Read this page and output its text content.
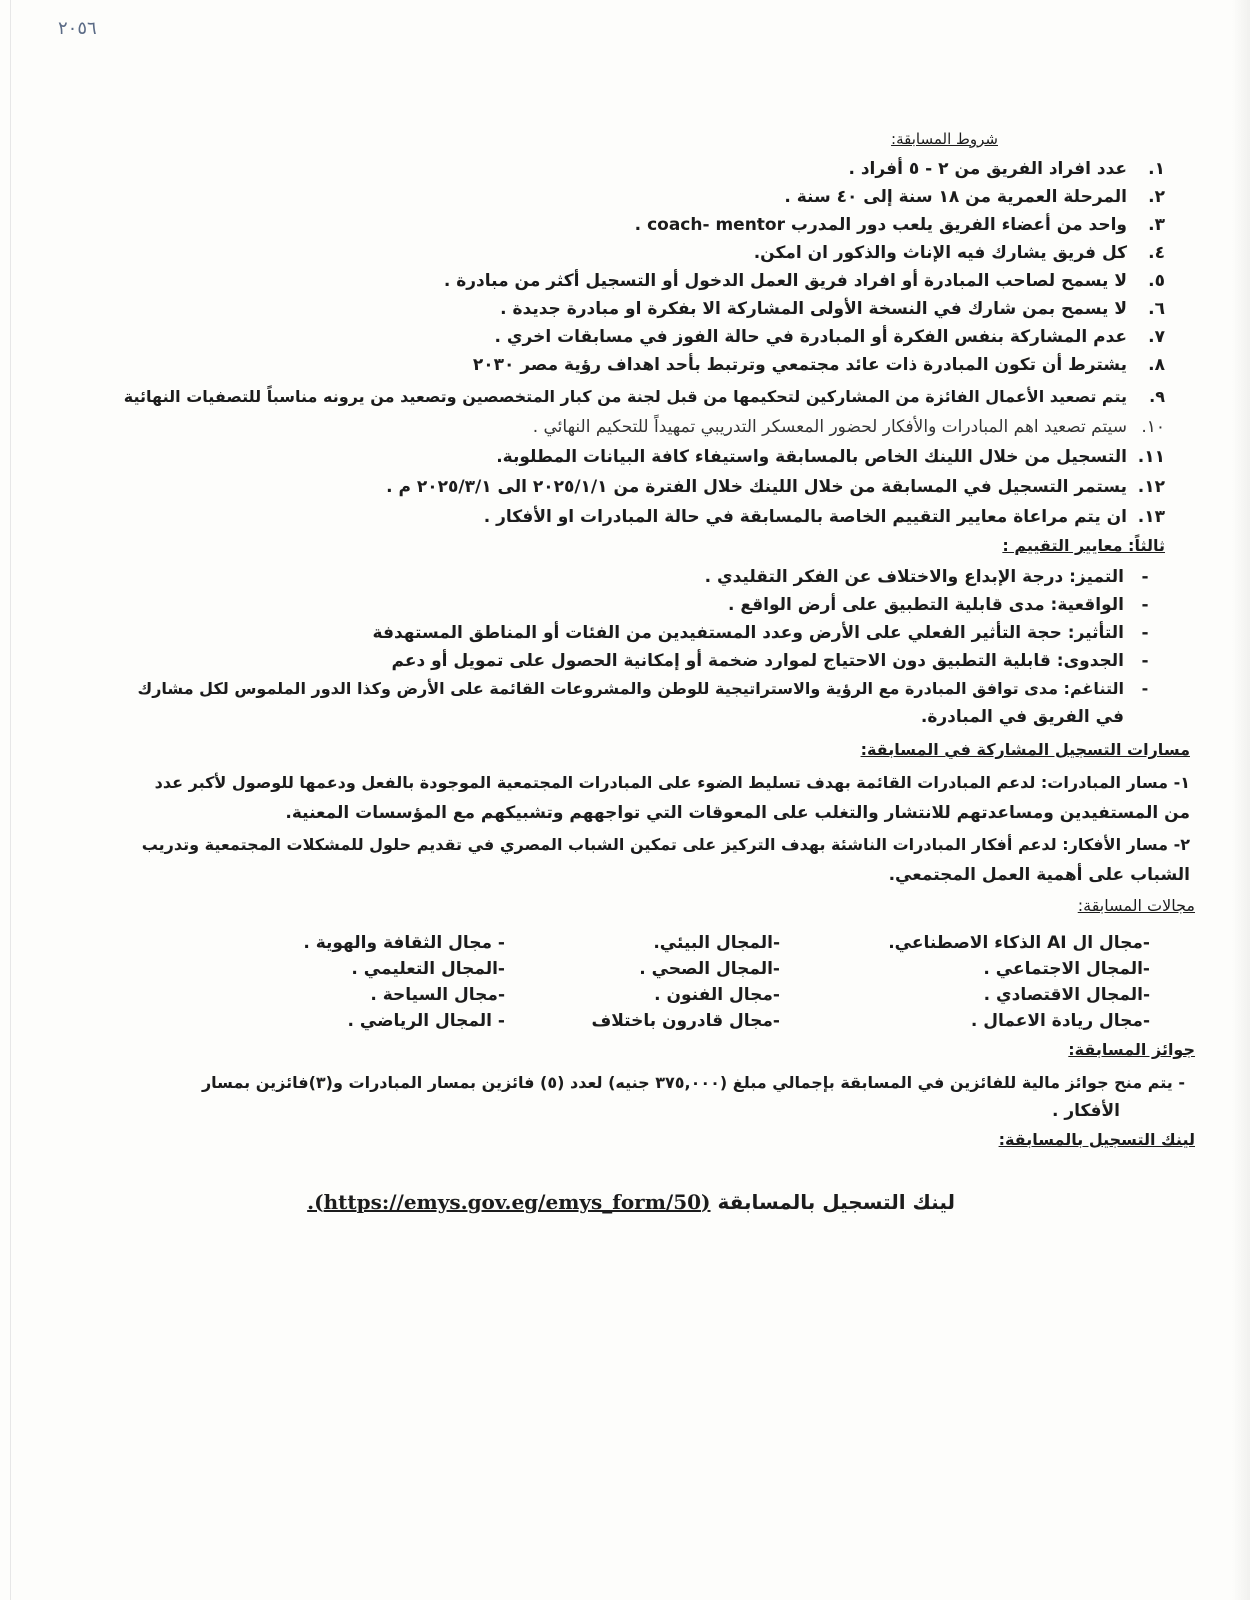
٢٠٥٦
شروط المسابقة:
١.عدد افراد الفريق من ٢ - ٥ أفراد .
٢.المرحلة العمرية من ١٨ سنة إلى ٤٠ سنة .
٣.واحد من أعضاء الفريق يلعب دور المدرب coach- mentor .
٤.كل فريق يشارك فيه الإناث والذكور ان امكن.
٥.لا يسمح لصاحب المبادرة أو افراد فريق العمل الدخول أو التسجيل أكثر من مبادرة .
٦.لا يسمح بمن شارك في النسخة الأولى المشاركة الا بفكرة او مبادرة جديدة .
٧.عدم المشاركة بنفس الفكرة أو المبادرة في حالة الفوز في مسابقات اخري .
٨.يشترط أن تكون المبادرة ذات عائد مجتمعي وترتبط بأحد اهداف رؤية مصر ٢٠٣٠
٩.يتم تصعيد الأعمال الفائزة من المشاركين لتحكيمها من قبل لجنة من كبار المتخصصين وتصعيد من يرونه مناسباً للتصفيات النهائية
١٠.سيتم تصعيد اهم المبادرات والأفكار لحضور المعسكر التدريبي تمهيداً للتحكيم النهائي .
١١.التسجيل من خلال اللينك الخاص بالمسابقة واستيفاء كافة البيانات المطلوبة.
١٢.يستمر التسجيل في المسابقة من خلال اللينك خلال الفترة من ٢٠٢٥/١/١ الى ٢٠٢٥/٣/١ م .
١٣.ان يتم مراعاة معايير التقييم الخاصة بالمسابقة في حالة المبادرات او الأفكار .
ثالثاً: معايير التقييم :
-التميز: درجة الإبداع والاختلاف عن الفكر التقليدي .
-الواقعية: مدى قابلية التطبيق على أرض الواقع .
-التأثير: حجة التأثير الفعلي على الأرض وعدد المستفيدين من الفئات أو المناطق المستهدفة
-الجدوى: قابلية التطبيق دون الاحتياج لموارد ضخمة أو إمكانية الحصول على تمويل أو دعم
-التناغم: مدى توافق المبادرة مع الرؤية والاستراتيجية للوطن والمشروعات القائمة على الأرض وكذا الدور الملموس لكل مشارك
في الفريق في المبادرة.
مسارات التسجيل المشاركة في المسابقة:
١- مسار المبادرات: لدعم المبادرات القائمة بهدف تسليط الضوء على المبادرات المجتمعية الموجودة بالفعل ودعمها للوصول لأكبر عدد
من المستفيدين ومساعدتهم للانتشار والتغلب على المعوقات التي تواجههم وتشبيكهم مع المؤسسات المعنية.
٢- مسار الأفكار: لدعم أفكار المبادرات الناشئة بهدف التركيز على تمكين الشباب المصري في تقديم حلول للمشكلات المجتمعية وتدريب
الشباب على أهمية العمل المجتمعي.
مجالات المسابقة:
-مجال ال AI الذكاء الاصطناعي.
-المجال الاجتماعي .
-المجال الاقتصادي .
-مجال ريادة الاعمال .
-المجال البيئي.
-المجال الصحي .
-مجال الفنون .
-مجال قادرون باختلاف
- مجال الثقافة والهوية .
-المجال التعليمي .
-مجال السياحة .
- المجال الرياضي .
جوائز المسابقة:
- يتم منح جوائز مالية للفائزين في المسابقة بإجمالي مبلغ (٣٧٥,٠٠٠ جنيه) لعدد (٥) فائزين بمسار المبادرات و(٣)فائزين بمسار
الأفكار .
لينك التسجيل بالمسابقة:
لينك التسجيل بالمسابقة (https://emys.gov.eg/emys_form/50).
